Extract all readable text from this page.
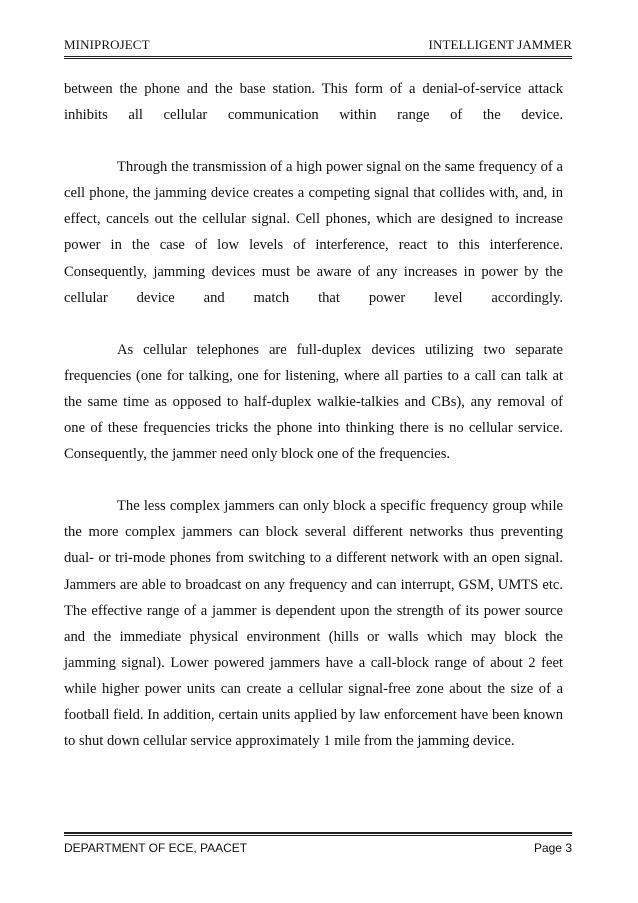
MINIPROJECT	INTELLIGENT JAMMER

between the phone and the base station. This form of a denial-of-service attack inhibits all cellular communication within range of the device.

Through the transmission of a high power signal on the same frequency of a cell phone, the jamming device creates a competing signal that collides with, and, in effect, cancels out the cellular signal. Cell phones, which are designed to increase power in the case of low levels of interference, react to this interference. Consequently, jamming devices must be aware of any increases in power by the cellular device and match that power level accordingly.

As cellular telephones are full-duplex devices utilizing two separate frequencies (one for talking, one for listening, where all parties to a call can talk at the same time as opposed to half-duplex walkie-talkies and CBs), any removal of one of these frequencies tricks the phone into thinking there is no cellular service. Consequently, the jammer need only block one of the frequencies.

The less complex jammers can only block a specific frequency group while the more complex jammers can block several different networks thus preventing dual- or tri-mode phones from switching to a different network with an open signal. Jammers are able to broadcast on any frequency and can interrupt, GSM, UMTS etc. The effective range of a jammer is dependent upon the strength of its power source and the immediate physical environment (hills or walls which may block the jamming signal). Lower powered jammers have a call-block range of about 2 feet while higher power units can create a cellular signal-free zone about the size of a football field. In addition, certain units applied by law enforcement have been known to shut down cellular service approximately 1 mile from the jamming device.

DEPARTMENT OF ECE, PAACET	Page 3
